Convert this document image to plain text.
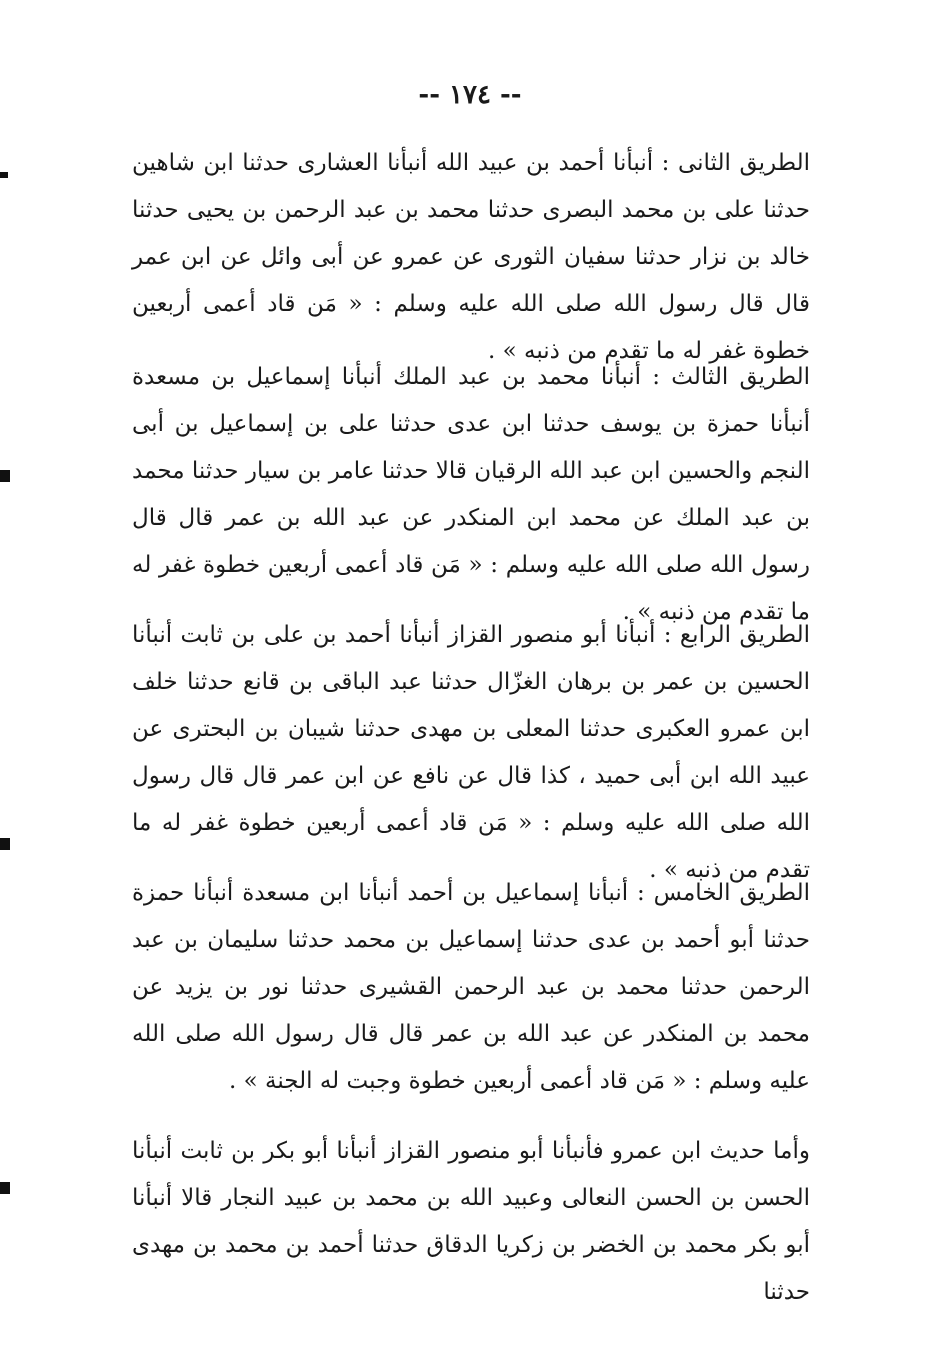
-- ١٧٤ --

الطريق الثانى : أنبأنا أحمد بن عبيد الله أنبأنا العشارى حدثنا ابن شاهين حدثنا على بن محمد البصرى حدثنا محمد بن عبد الرحمن بن يحيى حدثنا خالد بن نزار حدثنا سفيان الثورى عن عمرو عن أبى وائل عن ابن عمر قال قال رسول الله صلى الله عليه وسلم : « مَن قاد أعمى أربعين خطوة غفر له ما تقدم من ذنبه » .

الطريق الثالث : أنبأنا محمد بن عبد الملك أنبأنا إسماعيل بن مسعدة أنبأنا حمزة بن يوسف حدثنا ابن عدى حدثنا على بن إسماعيل بن أبى النجم والحسين ابن عبد الله الرقيان قالا حدثنا عامر بن سيار حدثنا محمد بن عبد الملك عن محمد ابن المنكدر عن عبد الله بن عمر قال قال رسول الله صلى الله عليه وسلم : « مَن قاد أعمى أربعين خطوة غفر له ما تقدم من ذنبه » .

الطريق الرابع : أنبأنا أبو منصور القزاز أنبأنا أحمد بن على بن ثابت أنبأنا الحسين بن عمر بن برهان الغزّال حدثنا عبد الباقى بن قانع حدثنا خلف ابن عمرو العكبرى حدثنا المعلى بن مهدى حدثنا شيبان بن البحترى عن عبيد الله ابن أبى حميد ، كذا قال عن نافع عن ابن عمر قال قال رسول الله صلى الله عليه وسلم : « مَن قاد أعمى أربعين خطوة غفر له ما تقدم من ذنبه » .

الطريق الخامس : أنبأنا إسماعيل بن أحمد أنبأنا ابن مسعدة أنبأنا حمزة حدثنا أبو أحمد بن عدى حدثنا إسماعيل بن محمد حدثنا سليمان بن عبد الرحمن حدثنا محمد بن عبد الرحمن القشيرى حدثنا نور بن يزيد عن محمد بن المنكدر عن عبد الله بن عمر قال قال رسول الله صلى الله عليه وسلم : « مَن قاد أعمى أربعين خطوة وجبت له الجنة » .

وأما حديث ابن عمرو فأنبأنا أبو منصور القزاز أنبأنا أبو بكر بن ثابت أنبأنا الحسن بن الحسن النعالى وعبيد الله بن محمد بن عبيد النجار قالا أنبأنا أبو بكر محمد بن الخضر بن زكريا الدقاق حدثنا أحمد بن محمد بن مهدى حدثنا
